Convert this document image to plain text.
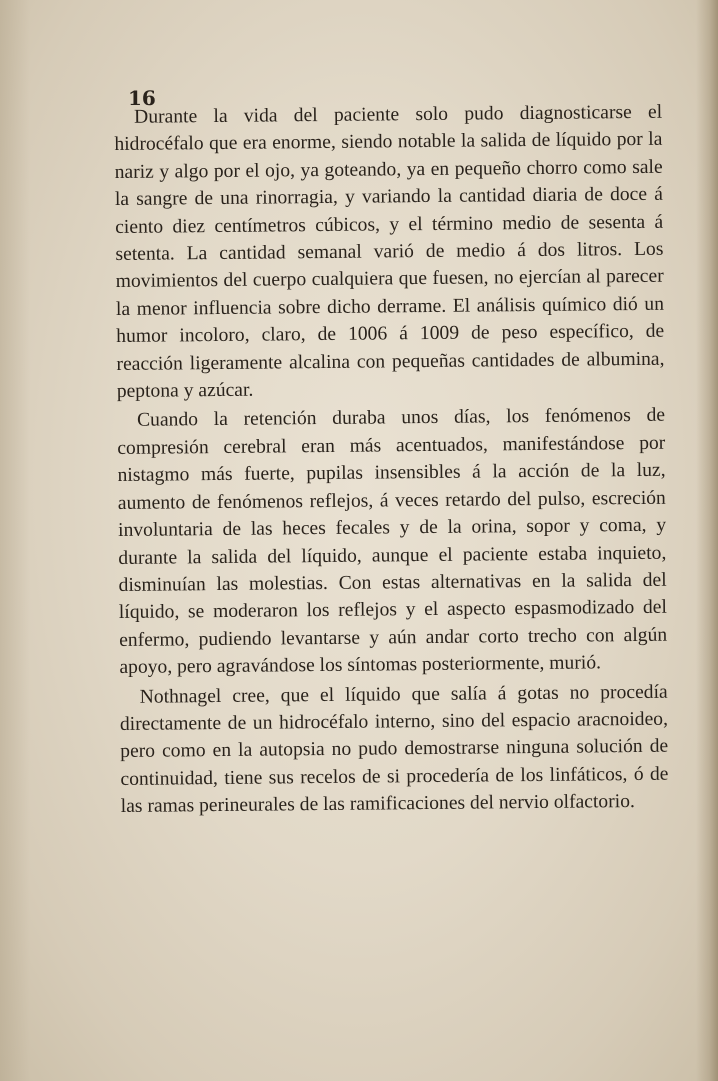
16

Durante la vida del paciente solo pudo diagnosticarse el hidrocéfalo que era enorme, siendo notable la salida de líquido por la nariz y algo por el ojo, ya goteando, ya en pequeño chorro como sale la sangre de una rinorragia, y variando la cantidad diaria de doce á ciento diez centímetros cúbicos, y el término medio de sesenta á setenta. La cantidad semanal varió de medio á dos litros. Los movimientos del cuerpo cualquiera que fuesen, no ejercían al parecer la menor influencia sobre dicho derrame. El análisis químico dió un humor incoloro, claro, de 1006 á 1009 de peso específico, de reacción ligeramente alcalina con pequeñas cantidades de albumina, peptona y azúcar.

Cuando la retención duraba unos días, los fenómenos de compresión cerebral eran más acentuados, manifestándose por nistagmo más fuerte, pupilas insensibles á la acción de la luz, aumento de fenómenos reflejos, á veces retardo del pulso, escreción involuntaria de las heces fecales y de la orina, sopor y coma, y durante la salida del líquido, aunque el paciente estaba inquieto, disminuían las molestias. Con estas alternativas en la salida del líquido, se moderaron los reflejos y el aspecto espasmodizado del enfermo, pudiendo levantarse y aún andar corto trecho con algún apoyo, pero agravándose los síntomas posteriormente, murió.

Nothnagel cree, que el líquido que salía á gotas no procedía directamente de un hidrocéfalo interno, sino del espacio aracnoideo, pero como en la autopsia no pudo demostrarse ninguna solución de continuidad, tiene sus recelos de si procedería de los linfáticos, ó de las ramas perineurales de las ramificaciones del nervio olfactorio.
